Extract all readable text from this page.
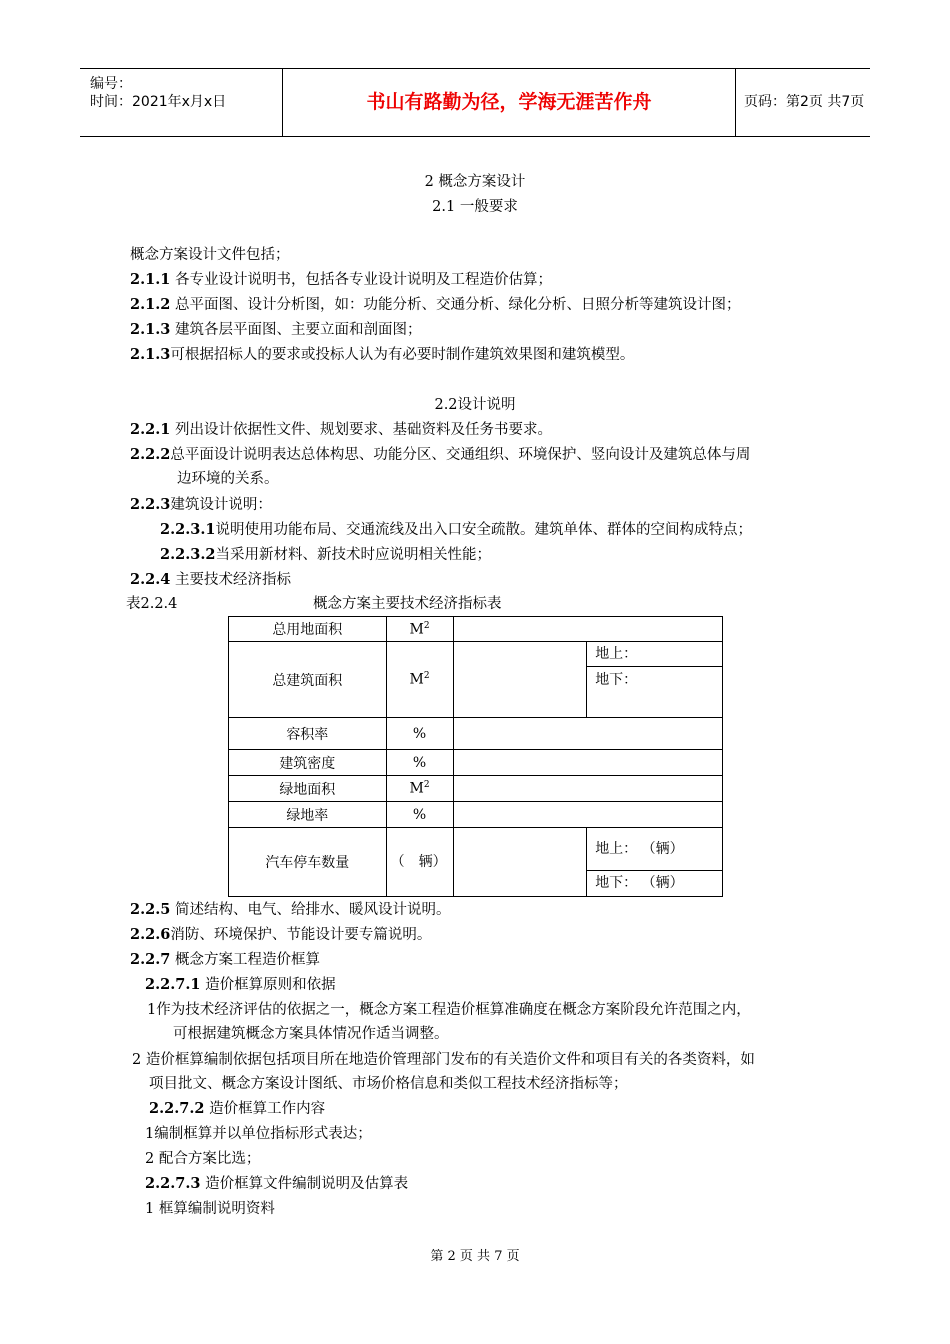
编号：
时间：2021年x月x日	书山有路勤为径，学海无涯苦作舟	页码：第2页 共7页
2 概念方案设计
2.1 一般要求
概念方案设计文件包括；
2.1.1 各专业设计说明书，包括各专业设计说明及工程造价估算；
2.1.2 总平面图、设计分析图，如：功能分析、交通分析、绿化分析、日照分析等建筑设计图；
2.1.3 建筑各层平面图、主要立面和剖面图；
2.1.3可根据招标人的要求或投标人认为有必要时制作建筑效果图和建筑模型。
2.2设计说明
2.2.1 列出设计依据性文件、规划要求、基础资料及任务书要求。
2.2.2总平面设计说明表达总体构思、功能分区、交通组织、环境保护、竖向设计及建筑总体与周
边环境的关系。
2.2.3建筑设计说明：
2.2.3.1说明使用功能布局、交通流线及出入口安全疏散。建筑单体、群体的空间构成特点；
2.2.3.2当采用新材料、新技术时应说明相关性能；
2.2.4 主要技术经济指标
表2.2.4	概念方案主要技术经济指标表
总用地面积	$M^2$	
总建筑面积	$M^2$		地上：
地下：

容积率	%		
建筑密度	%		
绿地面积	$M^2$	
绿地率	%		
汽车停车数量	（　辆）		地上： （辆）
地下： （辆）
2.2.5 简述结构、电气、给排水、暖风设计说明。
2.2.6消防、环境保护、节能设计要专篇说明。
2.2.7 概念方案工程造价框算
2.2.7.1 造价框算原则和依据
1作为技术经济评估的依据之一，概念方案工程造价框算准确度在概念方案阶段允许范围之内，
可根据建筑概念方案具体情况作适当调整。
2 造价框算编制依据包括项目所在地造价管理部门发布的有关造价文件和项目有关的各类资料，如
项目批文、概念方案设计图纸、市场价格信息和类似工程技术经济指标等；
2.2.7.2 造价框算工作内容
1编制框算并以单位指标形式表达；
2 配合方案比选；
2.2.7.3 造价框算文件编制说明及估算表
1 框算编制说明资料
第 2 页 共 7 页
